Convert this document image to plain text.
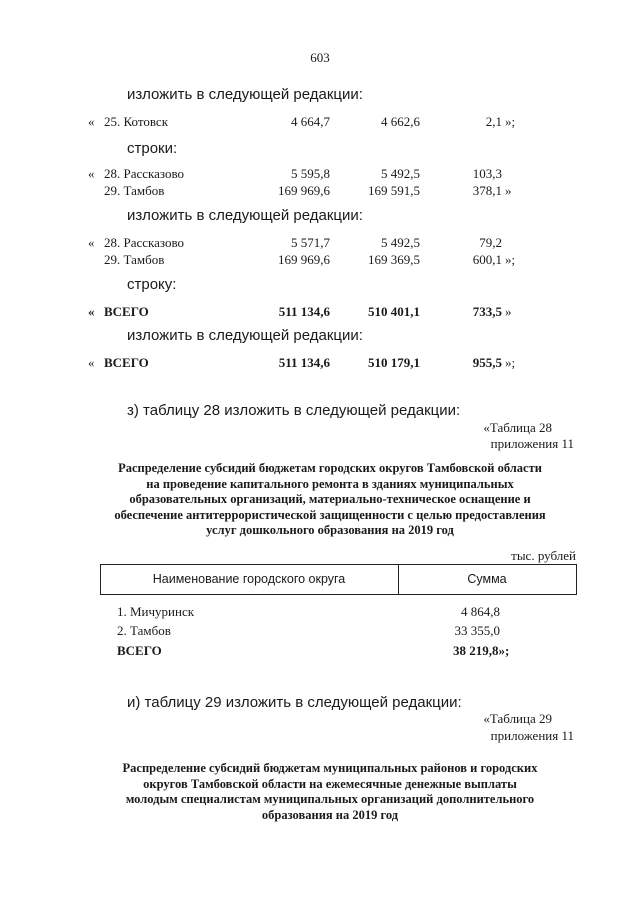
603
изложить в следующей редакции:
« 25. Котовск	4 664,7	4 662,6	2,1 »;
строки:
« 28. Рассказово	5 595,8	5 492,5	103,3
29. Тамбов	169 969,6	169 591,5	378,1 »
изложить в следующей редакции:
« 28. Рассказово	5 571,7	5 492,5	79,2
29. Тамбов	169 969,6	169 369,5	600,1 »;
строку:
« ВСЕГО	511 134,6	510 401,1	733,5 »
изложить в следующей редакции:
« ВСЕГО	511 134,6	510 179,1	955,5 »;
з) таблицу 28 изложить в следующей редакции:
«Таблица 28
приложения 11
Распределение субсидий бюджетам городских округов Тамбовской области
на проведение капитального ремонта в зданиях муниципальных
образовательных организаций, материально-техническое оснащение и
обеспечение антитеррористической защищенности с целью предоставления
услуг дошкольного образования на 2019 год
тыс. рублей
Наименование городского округа	Сумма
1. Мичуринск	4 864,8
2. Тамбов	33 355,0
ВСЕГО	38 219,8»;
и) таблицу 29 изложить в следующей редакции:
«Таблица 29
приложения 11
Распределение субсидий бюджетам муниципальных районов и городских
округов Тамбовской области на ежемесячные денежные выплаты
молодым специалистам муниципальных организаций дополнительного
образования на 2019 год
